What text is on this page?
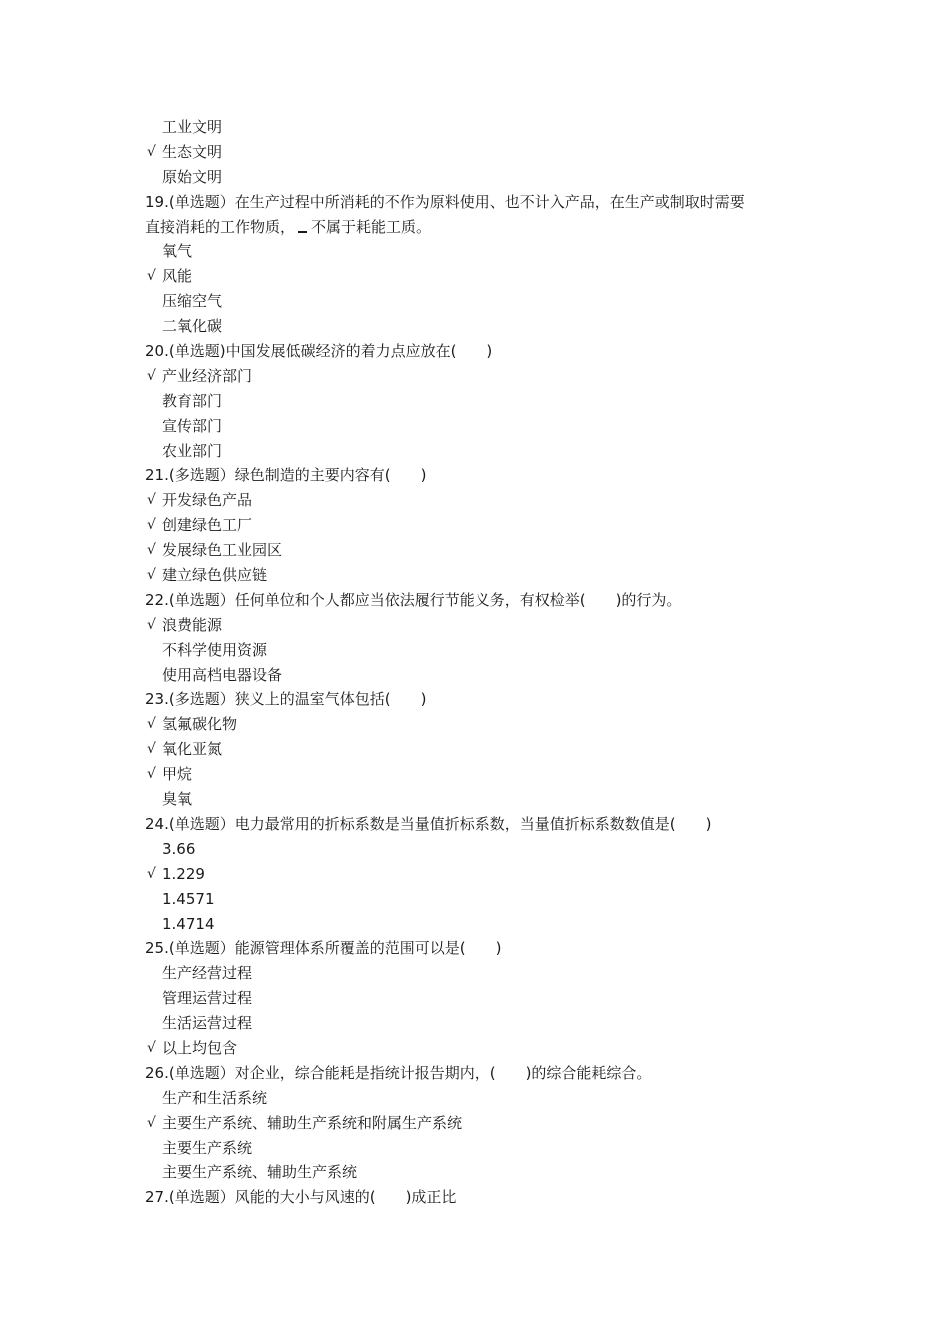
工业文明
√ 生态文明
原始文明
19.(单选题）在生产过程中所消耗的不作为原料使用、也不计入产品，在生产或制取时需要
直接消耗的工作物质， 不属于耗能工质。
氧气
√ 风能
压缩空气
二氧化碳
20.(单选题)中国发展低碳经济的着力点应放在(　　)
√ 产业经济部门
教育部门
宣传部门
农业部门
21.(多选题）绿色制造的主要内容有(　　)
√ 开发绿色产品
√ 创建绿色工厂
√ 发展绿色工业园区
√ 建立绿色供应链
22.(单选题）任何单位和个人都应当依法履行节能义务，有权检举(　　)的行为。
√ 浪费能源
不科学使用资源
使用高档电器设备
23.(多选题）狭义上的温室气体包括(　　)
√ 氢氟碳化物
√ 氧化亚氮
√ 甲烷
臭氧
24.(单选题）电力最常用的折标系数是当量值折标系数，当量值折标系数数值是(　　)
3.66
√ 1.229
1.4571
1.4714
25.(单选题）能源管理体系所覆盖的范围可以是(　　)
生产经营过程
管理运营过程
生活运营过程
√ 以上均包含
26.(单选题）对企业，综合能耗是指统计报告期内，(　　)的综合能耗综合。
生产和生活系统
√ 主要生产系统、辅助生产系统和附属生产系统
主要生产系统
主要生产系统、辅助生产系统
27.(单选题）风能的大小与风速的(　　)成正比
